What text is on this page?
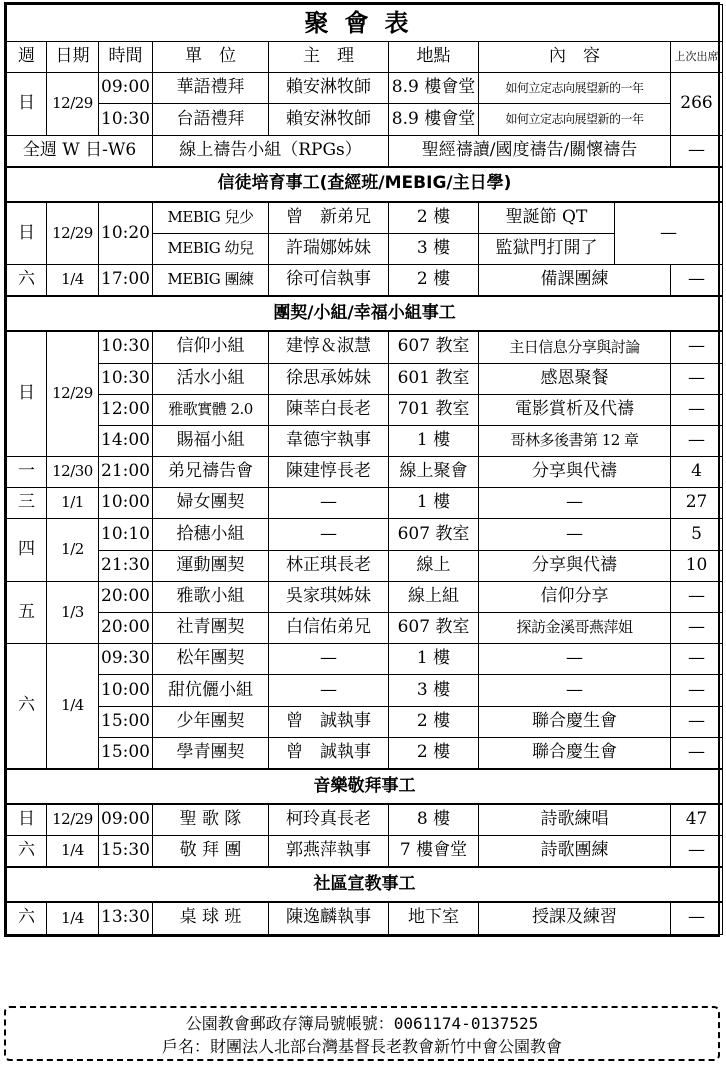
聚會表								
週	日期	時間	單　位	主　理	地點	內　容		上次出席
日	12/29	09:00	華語禮拜	賴安淋牧師	8.9 樓會堂	如何立定志向展望新的一年		266
		10:30	台語禮拜	賴安淋牧師	8.9 樓會堂	如何立定志向展望新的一年		
全週 W 日-W6			線上禱告小組（RPGs）		聖經禱讀/國度禱告/關懷禱告			—
信徒培育事工(查經班/MEBIG/主日學)								
日	12/29	10:20	MEBIG 兒少	曾　新弟兄	2 樓	聖誕節 QT	—	
			MEBIG 幼兒	許瑞娜姊妹	3 樓	監獄門打開了		
六	1/4	17:00	MEBIG 團練	徐可信執事	2 樓	備課團練		—
團契/小組/幸福小組事工								
日	12/29	10:30	信仰小組	建惇＆淑慧	607 教室	主日信息分享與討論		—
		10:30	活水小組	徐思承姊妹	601 教室	感恩聚餐		—
		12:00	雅歌實體 2.0	陳莘白長老	701 教室	電影賞析及代禱		—
		14:00	賜福小組	韋德宇執事	1 樓	哥林多後書第 12 章		—
一	12/30	21:00	弟兄禱告會	陳建惇長老	線上聚會	分享與代禱		4
三	1/1	10:00	婦女團契	—	1 樓	—		27
四	1/2	10:10	拾穗小組	—	607 教室	—		5
		21:30	運動團契	林正琪長老	線上	分享與代禱		10
五	1/3	20:00	雅歌小組	吳家琪姊妹	線上組	信仰分享		—
		20:00	社青團契	白信佑弟兄	607 教室	探訪金溪哥燕萍姐		—
六	1/4	09:30	松年團契	—	1 樓	—		—
		10:00	甜伉儷小組	—	3 樓	—		—
		15:00	少年團契	曾　誠執事	2 樓	聯合慶生會		—
		15:00	學青團契	曾　誠執事	2 樓	聯合慶生會		—
音樂敬拜事工								
日	12/29	09:00	聖 歌 隊	柯玲真長老	8 樓	詩歌練唱		47
六	1/4	15:30	敬 拜 團	郭燕萍執事	7 樓會堂	詩歌團練		—
社區宣教事工								
六	1/4	13:30	桌 球 班	陳逸麟執事	地下室	授課及練習		—
公園教會郵政存簿局號帳號：0061174-0137525
戶名：財團法人北部台灣基督長老教會新竹中會公園教會
